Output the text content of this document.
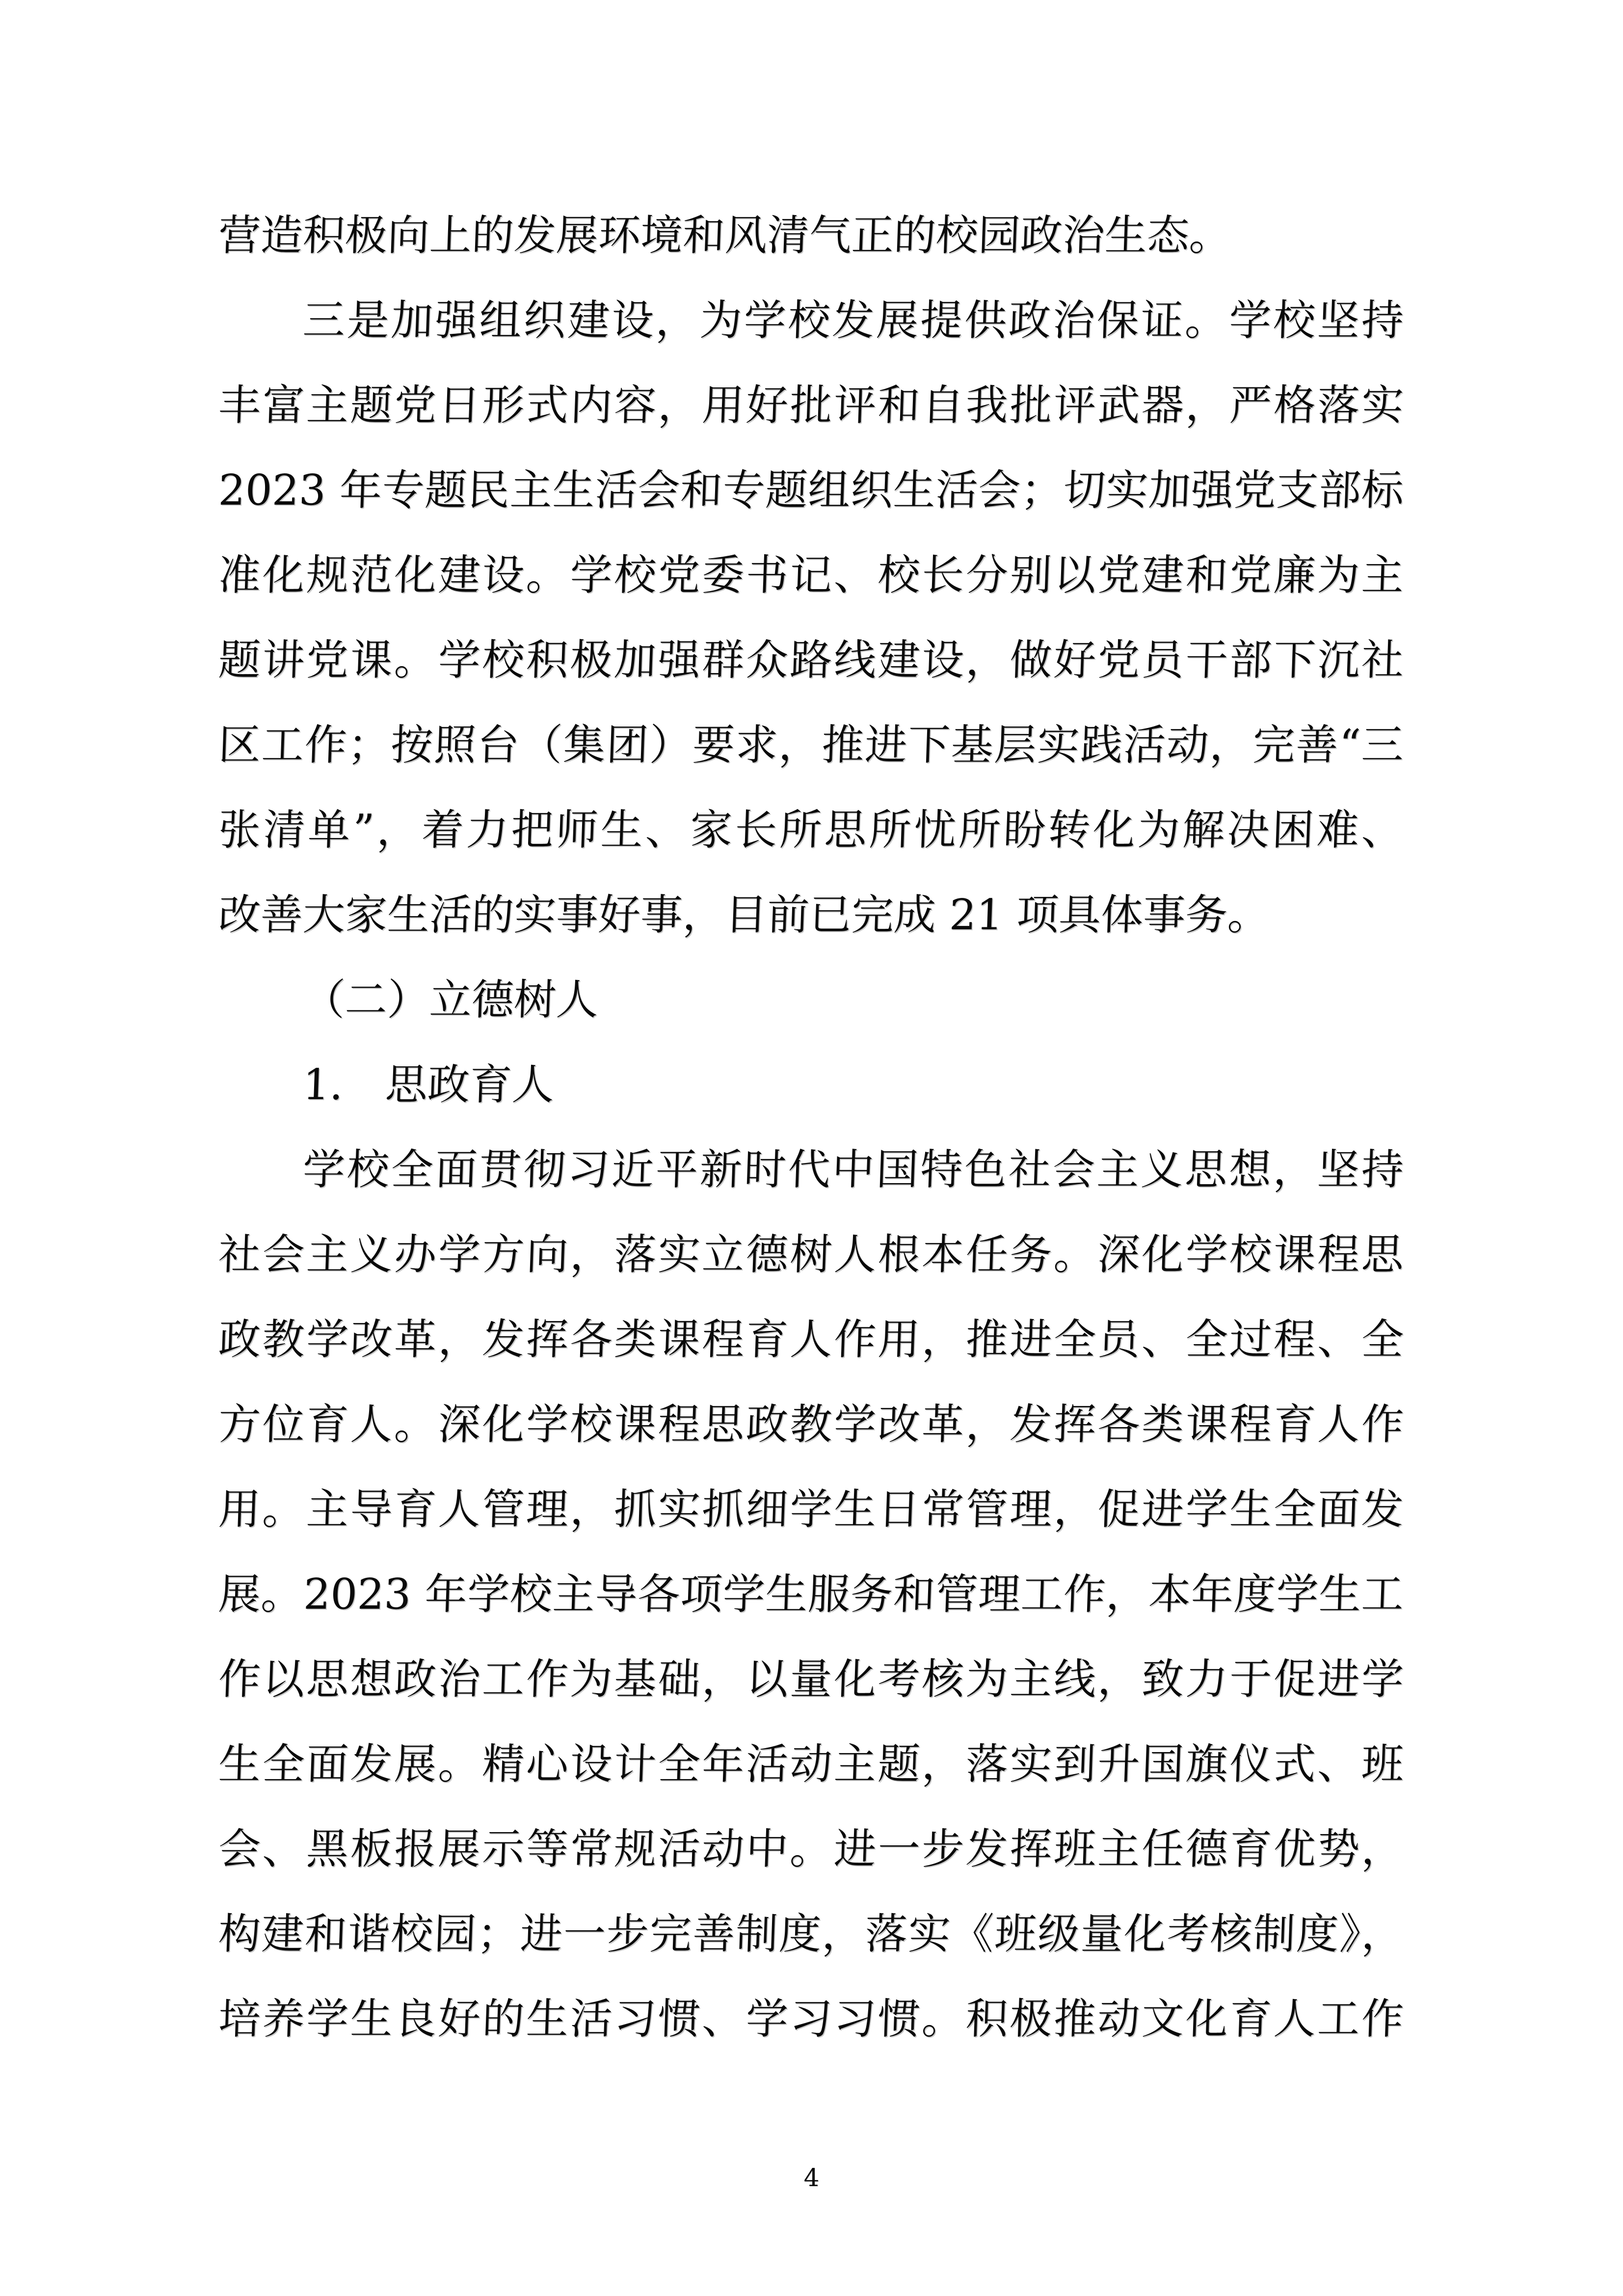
营造积极向上的发展环境和风清气正的校园政治生态。
三是加强组织建设，为学校发展提供政治保证。学校坚持
丰富主题党日形式内容，用好批评和自我批评武器，严格落实
2023 年专题民主生活会和专题组织生活会；切实加强党支部标
准化规范化建设。学校党委书记、校长分别以党建和党廉为主
题讲党课。学校积极加强群众路线建设，做好党员干部下沉社
区工作；按照台（集团）要求，推进下基层实践活动，完善“三
张清单”，着力把师生、家长所思所忧所盼转化为解决困难、
改善大家生活的实事好事，目前已完成 21 项具体事务。
（二）立德树人
1.　思政育人
学校全面贯彻习近平新时代中国特色社会主义思想，坚持
社会主义办学方向，落实立德树人根本任务。深化学校课程思
政教学改革，发挥各类课程育人作用，推进全员、全过程、全
方位育人。深化学校课程思政教学改革，发挥各类课程育人作
用。主导育人管理，抓实抓细学生日常管理，促进学生全面发
展。2023 年学校主导各项学生服务和管理工作，本年度学生工
作以思想政治工作为基础，以量化考核为主线，致力于促进学
生全面发展。精心设计全年活动主题，落实到升国旗仪式、班
会、黑板报展示等常规活动中。进一步发挥班主任德育优势，
构建和谐校园；进一步完善制度，落实《班级量化考核制度》，
培养学生良好的生活习惯、学习习惯。积极推动文化育人工作
4
